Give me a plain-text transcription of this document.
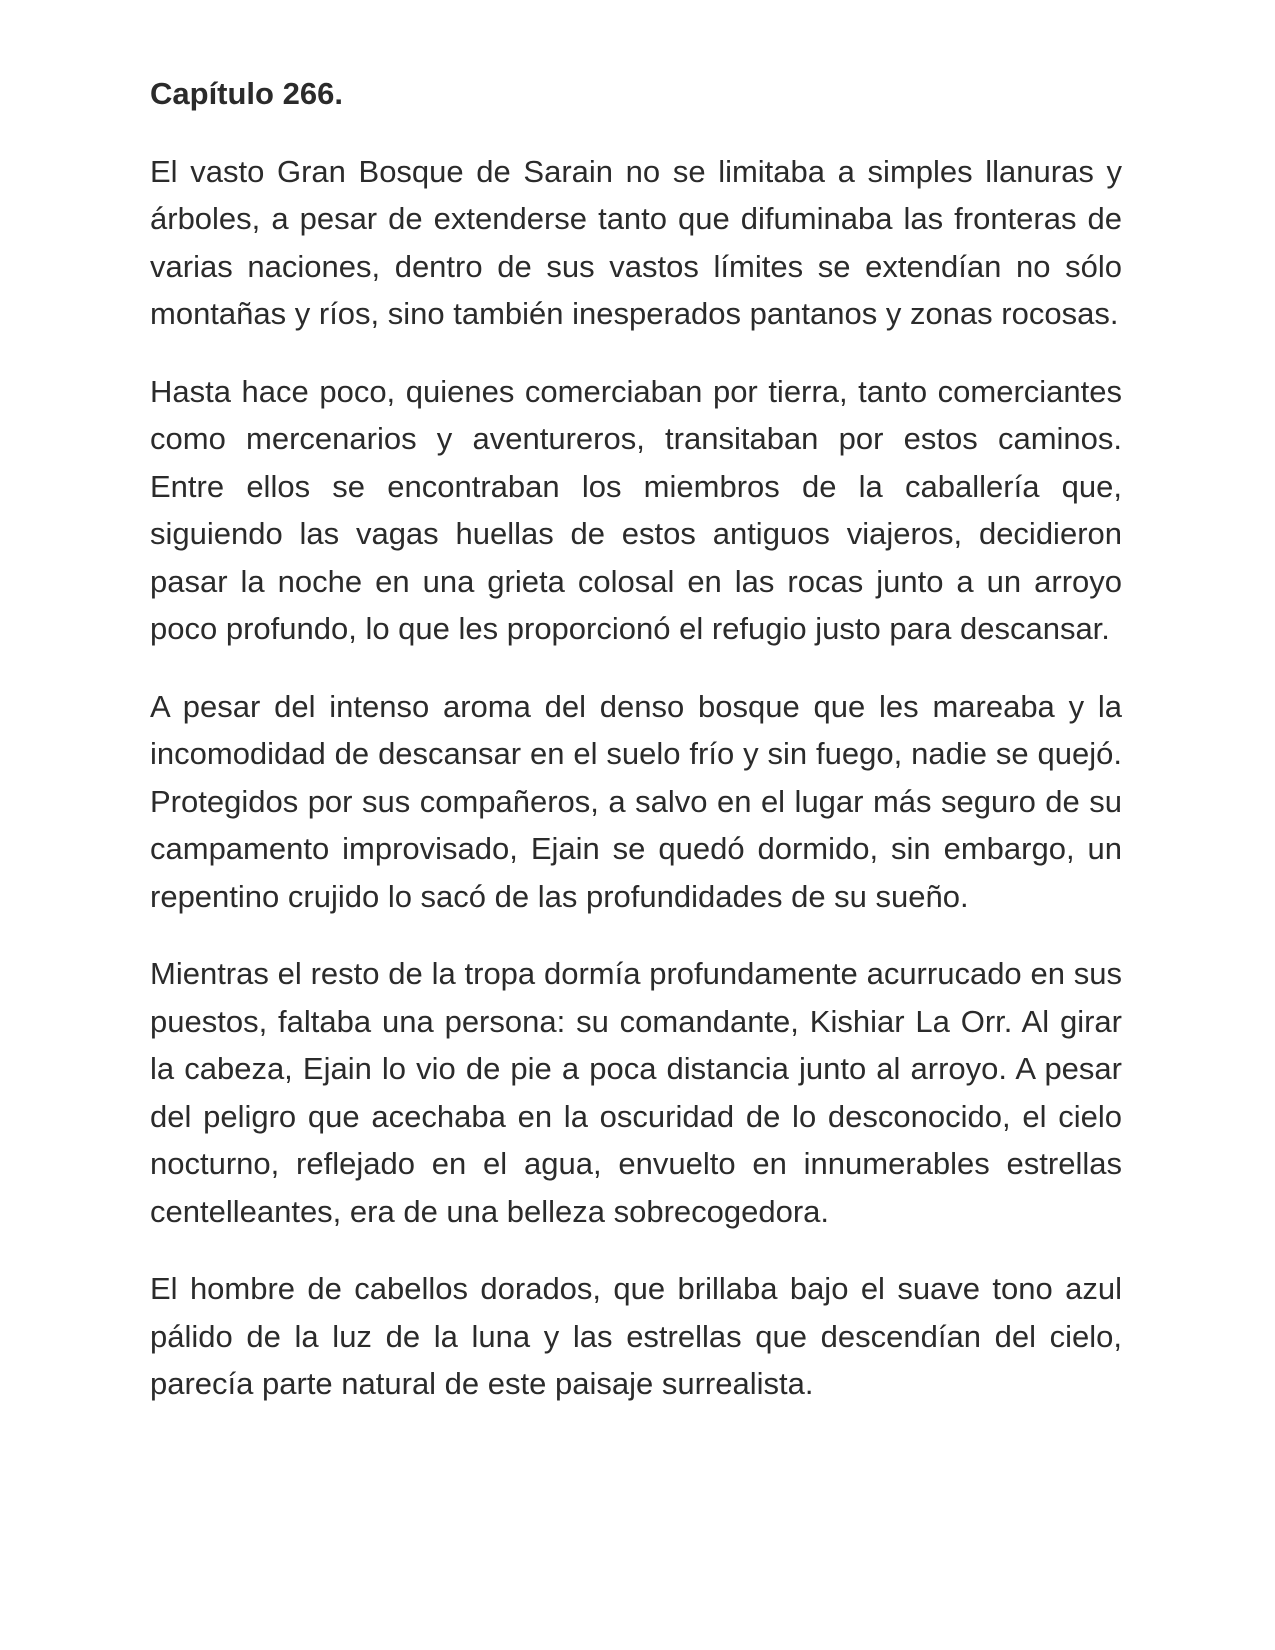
Capítulo 266.

El vasto Gran Bosque de Sarain no se limitaba a simples llanuras y árboles, a pesar de extenderse tanto que difuminaba las fronteras de varias naciones, dentro de sus vastos límites se extendían no sólo montañas y ríos, sino también inesperados pantanos y zonas rocosas.

Hasta hace poco, quienes comerciaban por tierra, tanto comerciantes como mercenarios y aventureros, transitaban por estos caminos. Entre ellos se encontraban los miembros de la caballería que, siguiendo las vagas huellas de estos antiguos viajeros, decidieron pasar la noche en una grieta colosal en las rocas junto a un arroyo poco profundo, lo que les proporcionó el refugio justo para descansar.

A pesar del intenso aroma del denso bosque que les mareaba y la incomodidad de descansar en el suelo frío y sin fuego, nadie se quejó. Protegidos por sus compañeros, a salvo en el lugar más seguro de su campamento improvisado, Ejain se quedó dormido, sin embargo, un repentino crujido lo sacó de las profundidades de su sueño.

Mientras el resto de la tropa dormía profundamente acurrucado en sus puestos, faltaba una persona: su comandante, Kishiar La Orr. Al girar la cabeza, Ejain lo vio de pie a poca distancia junto al arroyo. A pesar del peligro que acechaba en la oscuridad de lo desconocido, el cielo nocturno, reflejado en el agua, envuelto en innumerables estrellas centelleantes, era de una belleza sobrecogedora.

El hombre de cabellos dorados, que brillaba bajo el suave tono azul pálido de la luz de la luna y las estrellas que descendían del cielo, parecía parte natural de este paisaje surrealista.
